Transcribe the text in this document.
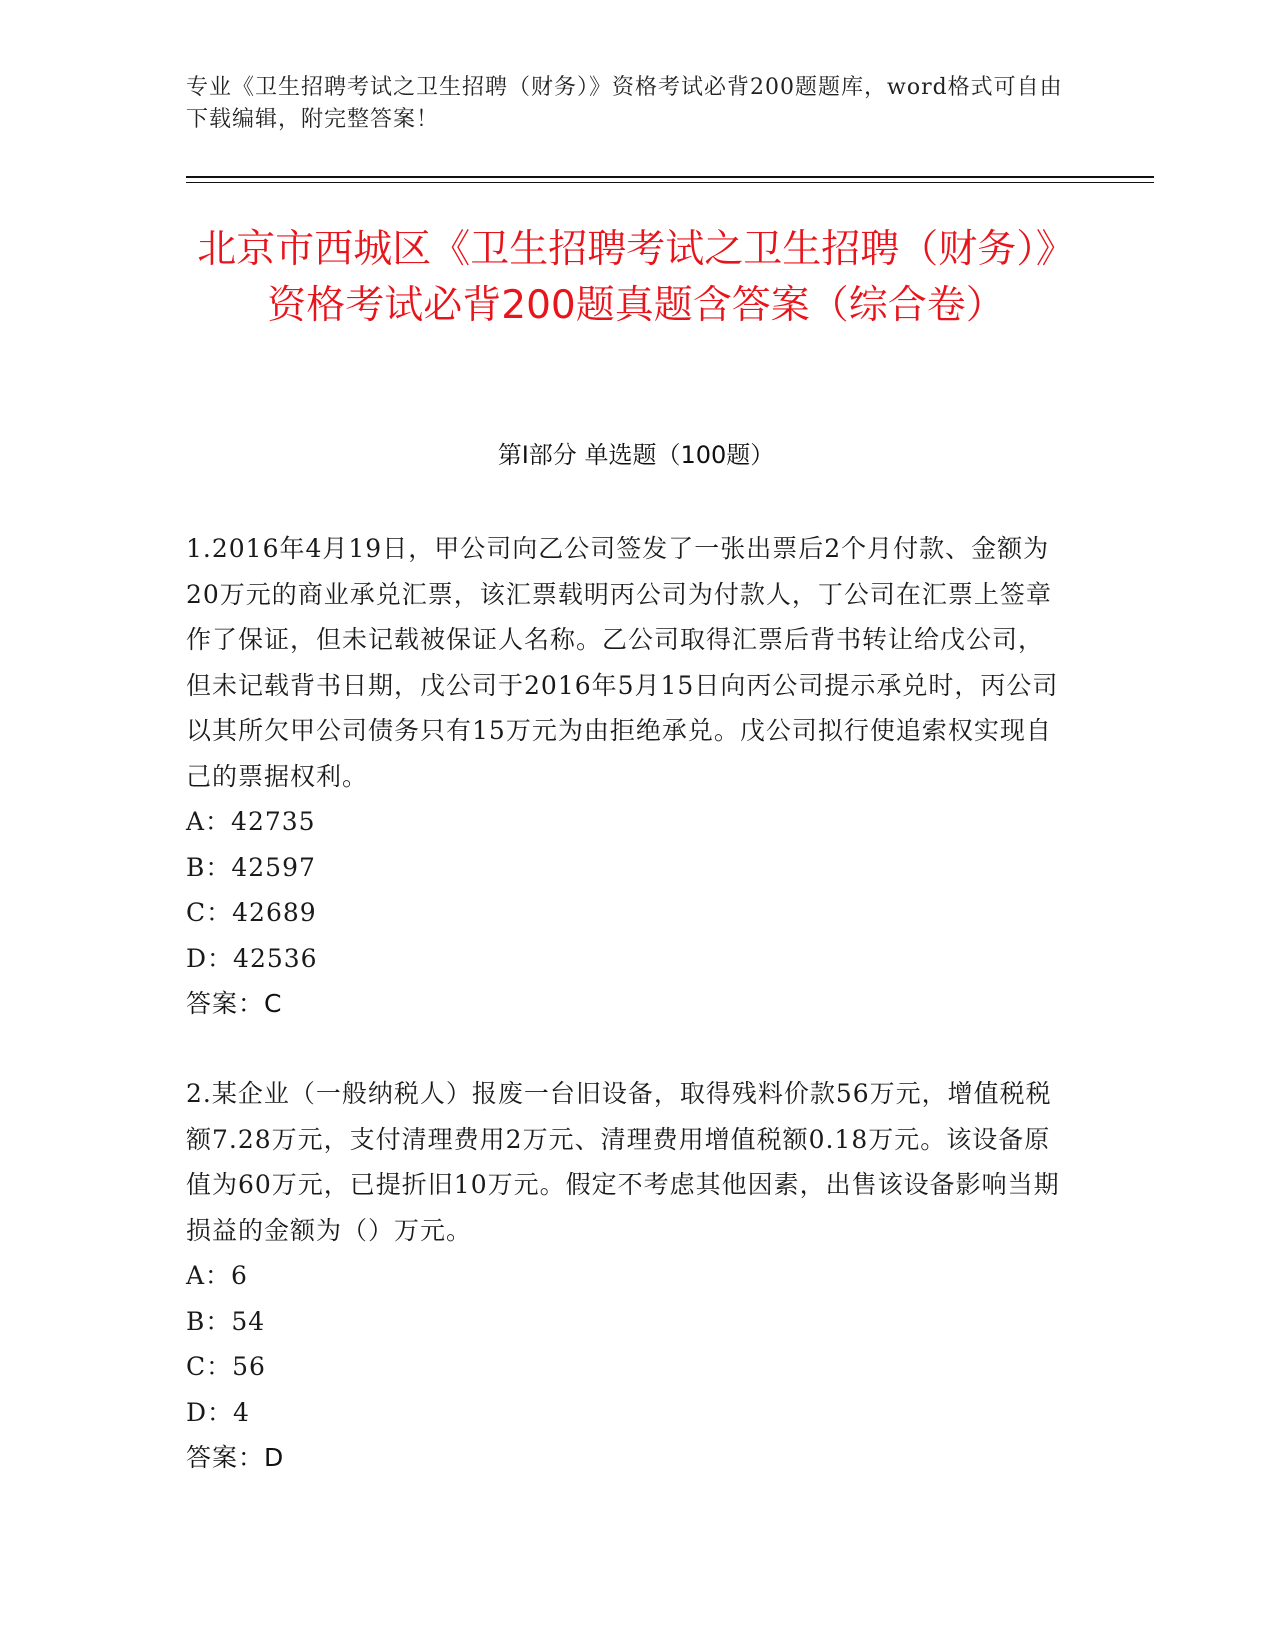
专业《卫生招聘考试之卫生招聘（财务）》资格考试必背200题题库，word格式可自由下载编辑，附完整答案！
北京市西城区《卫生招聘考试之卫生招聘（财务）》资格考试必背200题真题含答案（综合卷）
第Ⅰ部分 单选题（100题）
1.2016年4月19日，甲公司向乙公司签发了一张出票后2个月付款、金额为20万元的商业承兑汇票，该汇票载明丙公司为付款人，丁公司在汇票上签章作了保证，但未记载被保证人名称。乙公司取得汇票后背书转让给戊公司，但未记载背书日期，戊公司于2016年5月15日向丙公司提示承兑时，丙公司以其所欠甲公司债务只有15万元为由拒绝承兑。戊公司拟行使追索权实现自己的票据权利。
A：42735
B：42597
C：42689
D：42536
答案：C
2.某企业（一般纳税人）报废一台旧设备，取得残料价款56万元，增值税税额7.28万元，支付清理费用2万元、清理费用增值税额0.18万元。该设备原值为60万元，已提折旧10万元。假定不考虑其他因素，出售该设备影响当期损益的金额为（）万元。
A：6
B：54
C：56
D：4
答案：D
